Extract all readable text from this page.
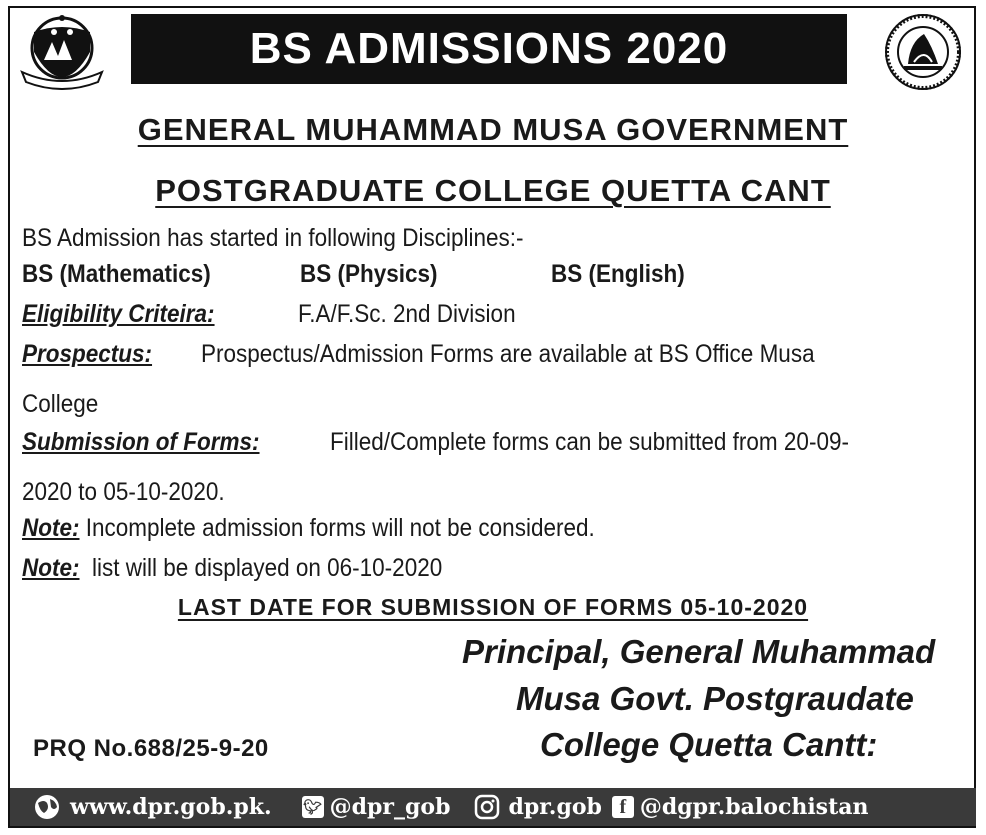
BS ADMISSIONS 2020
GENERAL MUHAMMAD MUSA GOVERNMENT
POSTGRADUATE COLLEGE QUETTA CANT
BS Admission has started in following Disciplines:-
BS (Mathematics)	BS (Physics)	BS (English)
Eligibility Criteira:	F.A/F.Sc. 2nd Division
Prospectus:	Prospectus/Admission Forms are available at BS Office Musa
College
Submission of Forms:	Filled/Complete forms can be submitted from 20-09-
2020 to 05-10-2020.
Note: Incomplete admission forms will not be considered.
Note: list will be displayed on 06-10-2020
LAST DATE FOR SUBMISSION OF FORMS 05-10-2020
Principal, General Muhammad
Musa Govt. Postgraudate
College Quetta Cantt:
PRQ No.688/25-9-20
www.dpr.gob.pk. 🐦︎ @dpr_gob	dpr.gob f @dgpr.balochistan
